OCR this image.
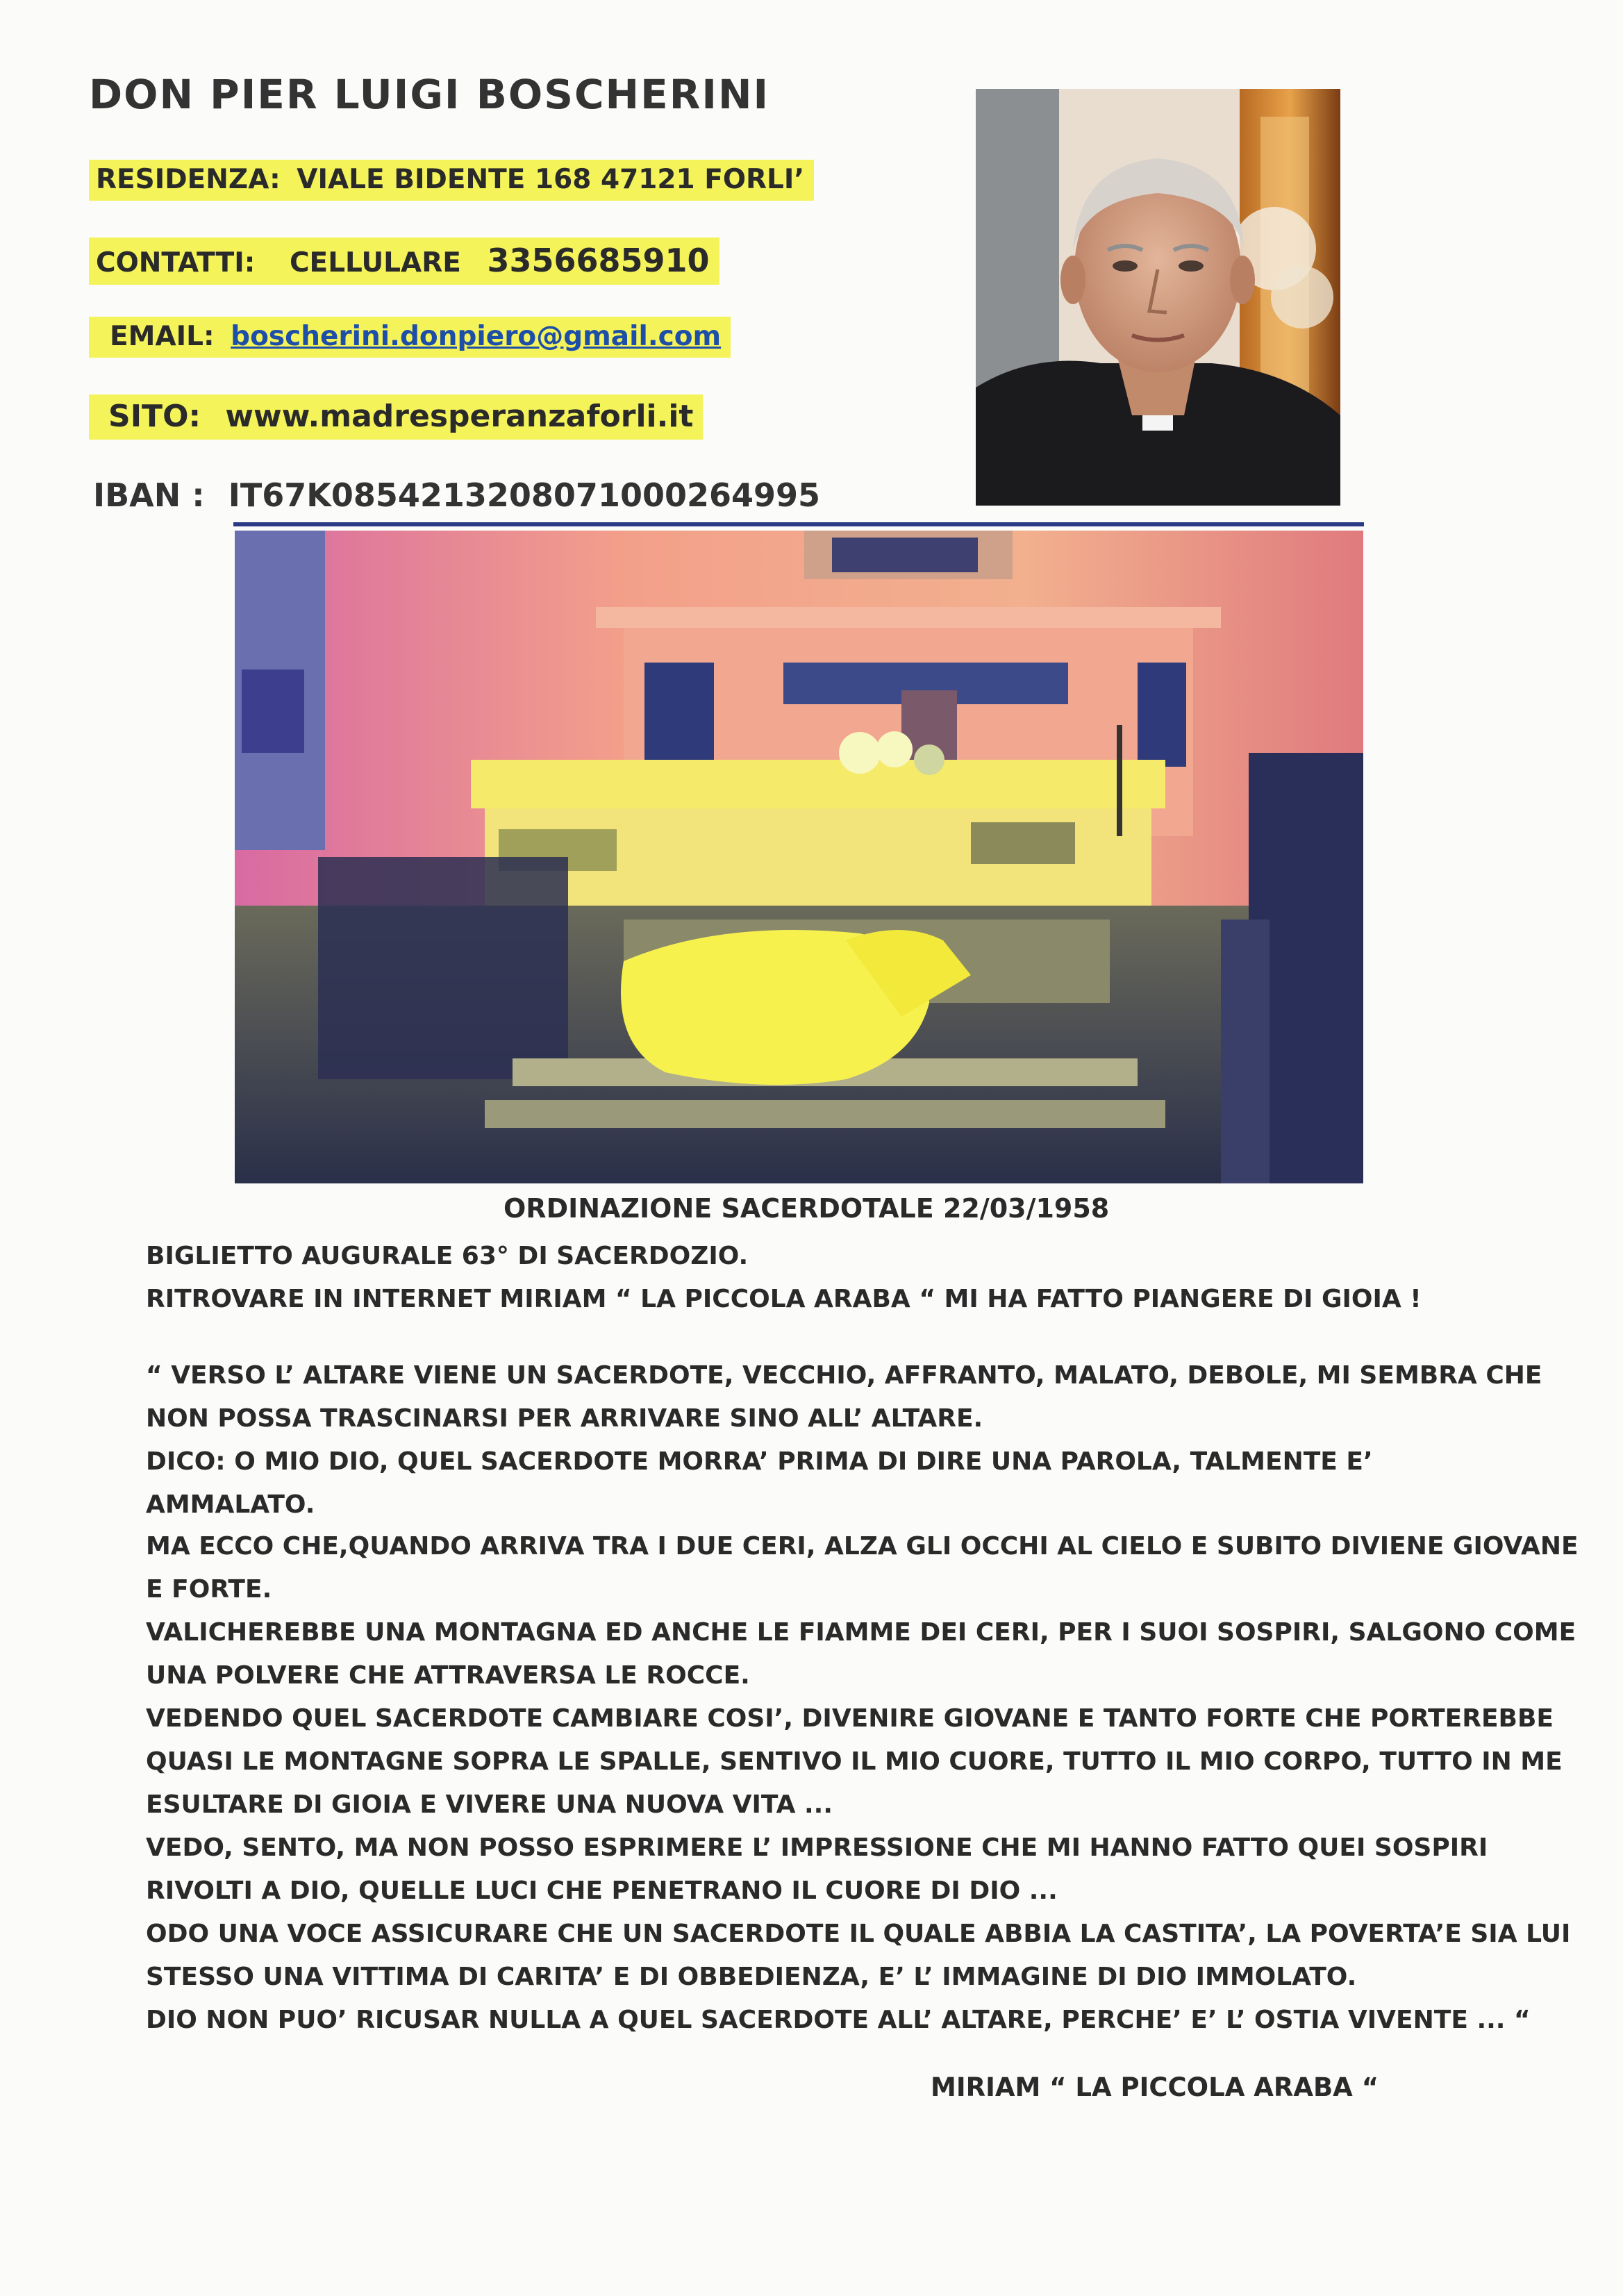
DON PIER LUIGI BOSCHERINI
RESIDENZA: VIALE BIDENTE 168 47121 FORLI’
CONTATTI: CELLULARE 3356685910
EMAIL: boscherini.donpiero@gmail.com
SITO: www.madresperanzaforli.it
IBAN : IT67K0854213208071000264995
ORDINAZIONE SACERDOTALE 22/03/1958
BIGLIETTO AUGURALE 63° DI SACERDOZIO.
RITROVARE IN INTERNET MIRIAM “ LA PICCOLA ARABA “ MI HA FATTO PIANGERE DI GIOIA !
“ VERSO L’ ALTARE VIENE UN SACERDOTE, VECCHIO, AFFRANTO, MALATO, DEBOLE, MI SEMBRA CHE
NON POSSA TRASCINARSI PER ARRIVARE SINO ALL’ ALTARE.
DICO: O MIO DIO, QUEL SACERDOTE MORRA’ PRIMA DI DIRE UNA PAROLA, TALMENTE E’
AMMALATO.
MA ECCO CHE,QUANDO ARRIVA TRA I DUE CERI, ALZA GLI OCCHI AL CIELO E SUBITO DIVIENE GIOVANE
E FORTE.
VALICHEREBBE UNA MONTAGNA ED ANCHE LE FIAMME DEI CERI, PER I SUOI SOSPIRI, SALGONO COME
UNA POLVERE CHE ATTRAVERSA LE ROCCE.
VEDENDO QUEL SACERDOTE CAMBIARE COSI’, DIVENIRE GIOVANE E TANTO FORTE CHE PORTEREBBE
QUASI LE MONTAGNE SOPRA LE SPALLE, SENTIVO IL MIO CUORE, TUTTO IL MIO CORPO, TUTTO IN ME
ESULTARE DI GIOIA E VIVERE UNA NUOVA VITA ...
VEDO, SENTO, MA NON POSSO ESPRIMERE L’ IMPRESSIONE CHE MI HANNO FATTO QUEI SOSPIRI
RIVOLTI A DIO, QUELLE LUCI CHE PENETRANO IL CUORE DI DIO ...
ODO UNA VOCE ASSICURARE CHE UN SACERDOTE IL QUALE ABBIA LA CASTITA’, LA POVERTA’E SIA LUI
STESSO UNA VITTIMA DI CARITA’ E DI OBBEDIENZA, E’ L’ IMMAGINE DI DIO IMMOLATO.
DIO NON PUO’ RICUSAR NULLA A QUEL SACERDOTE ALL’ ALTARE, PERCHE’ E’ L’ OSTIA VIVENTE ... “
MIRIAM “ LA PICCOLA ARABA “
